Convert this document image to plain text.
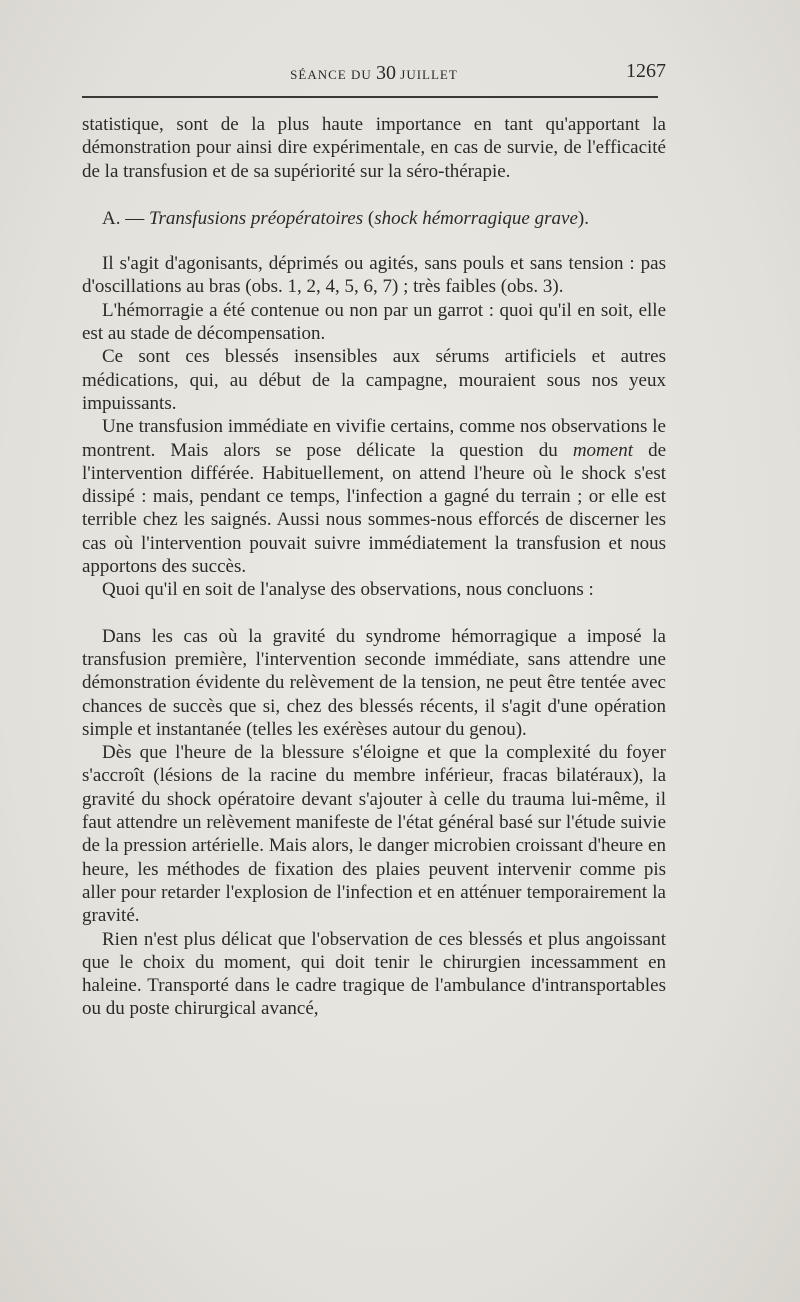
SÉANCE DU 30 JUILLET	1267

statistique, sont de la plus haute importance en tant qu'apportant la démonstration pour ainsi dire expérimentale, en cas de survie, de l'efficacité de la transfusion et de sa supériorité sur la séro-thérapie.

A. — Transfusions préopératoires (shock hémorragique grave).

Il s'agit d'agonisants, déprimés ou agités, sans pouls et sans tension : pas d'oscillations au bras (obs. 1, 2, 4, 5, 6, 7) ; très faibles (obs. 3).

L'hémorragie a été contenue ou non par un garrot : quoi qu'il en soit, elle est au stade de décompensation.

Ce sont ces blessés insensibles aux sérums artificiels et autres médications, qui, au début de la campagne, mouraient sous nos yeux impuissants.

Une transfusion immédiate en vivifie certains, comme nos observations le montrent. Mais alors se pose délicate la question du moment de l'intervention différée. Habituellement, on attend l'heure où le shock s'est dissipé : mais, pendant ce temps, l'infection a gagné du terrain ; or elle est terrible chez les saignés. Aussi nous sommes-nous efforcés de discerner les cas où l'intervention pouvait suivre immédiatement la transfusion et nous apportons des succès.

Quoi qu'il en soit de l'analyse des observations, nous concluons :

Dans les cas où la gravité du syndrome hémorragique a imposé la transfusion première, l'intervention seconde immédiate, sans attendre une démonstration évidente du relèvement de la tension, ne peut être tentée avec chances de succès que si, chez des blessés récents, il s'agit d'une opération simple et instantanée (telles les exérèses autour du genou).

Dès que l'heure de la blessure s'éloigne et que la complexité du foyer s'accroît (lésions de la racine du membre inférieur, fracas bilatéraux), la gravité du shock opératoire devant s'ajouter à celle du trauma lui-même, il faut attendre un relèvement manifeste de l'état général basé sur l'étude suivie de la pression artérielle. Mais alors, le danger microbien croissant d'heure en heure, les méthodes de fixation des plaies peuvent intervenir comme pis aller pour retarder l'explosion de l'infection et en atténuer temporairement la gravité.

Rien n'est plus délicat que l'observation de ces blessés et plus angoissant que le choix du moment, qui doit tenir le chirurgien incessamment en haleine. Transporté dans le cadre tragique de l'ambulance d'intransportables ou du poste chirurgical avancé,
